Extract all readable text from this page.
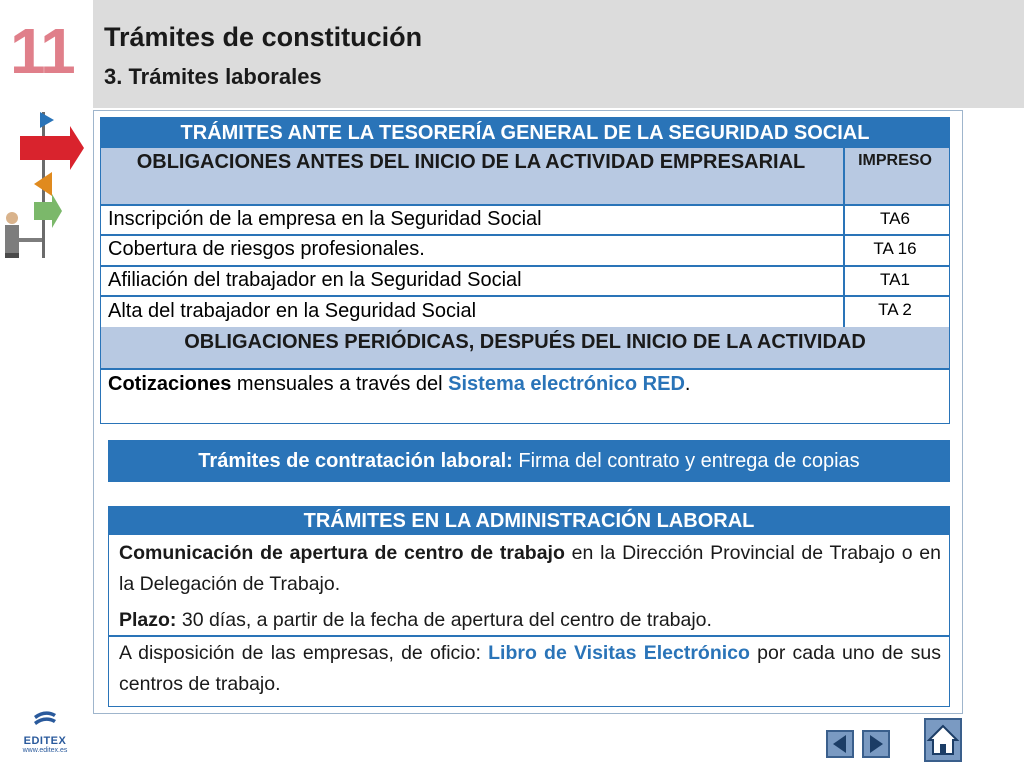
11 Trámites de constitución
3. Trámites laborales
TRÁMITES ANTE LA TESORERÍA GENERAL DE LA SEGURIDAD SOCIAL
OBLIGACIONES ANTES DEL INICIO DE LA ACTIVIDAD EMPRESARIAL	IMPRESO
Inscripción de la empresa en la Seguridad Social	TA6
Cobertura de riesgos profesionales.	TA 16
Afiliación del trabajador en la Seguridad Social	TA1
Alta del trabajador en la Seguridad Social	TA 2
OBLIGACIONES PERIÓDICAS, DESPUÉS DEL INICIO DE LA ACTIVIDAD
Cotizaciones mensuales a través del Sistema electrónico RED.
Trámites de contratación laboral: Firma del contrato y entrega de copias
TRÁMITES EN LA ADMINISTRACIÓN LABORAL
Comunicación de apertura de centro de trabajo en la Dirección Provincial de Trabajo o en la Delegación de Trabajo.
Plazo: 30 días, a partir de la fecha de apertura del centro de trabajo.
A disposición de las empresas, de oficio: Libro de Visitas Electrónico por cada uno de sus centros de trabajo.
EDITEX
www.editex.es
